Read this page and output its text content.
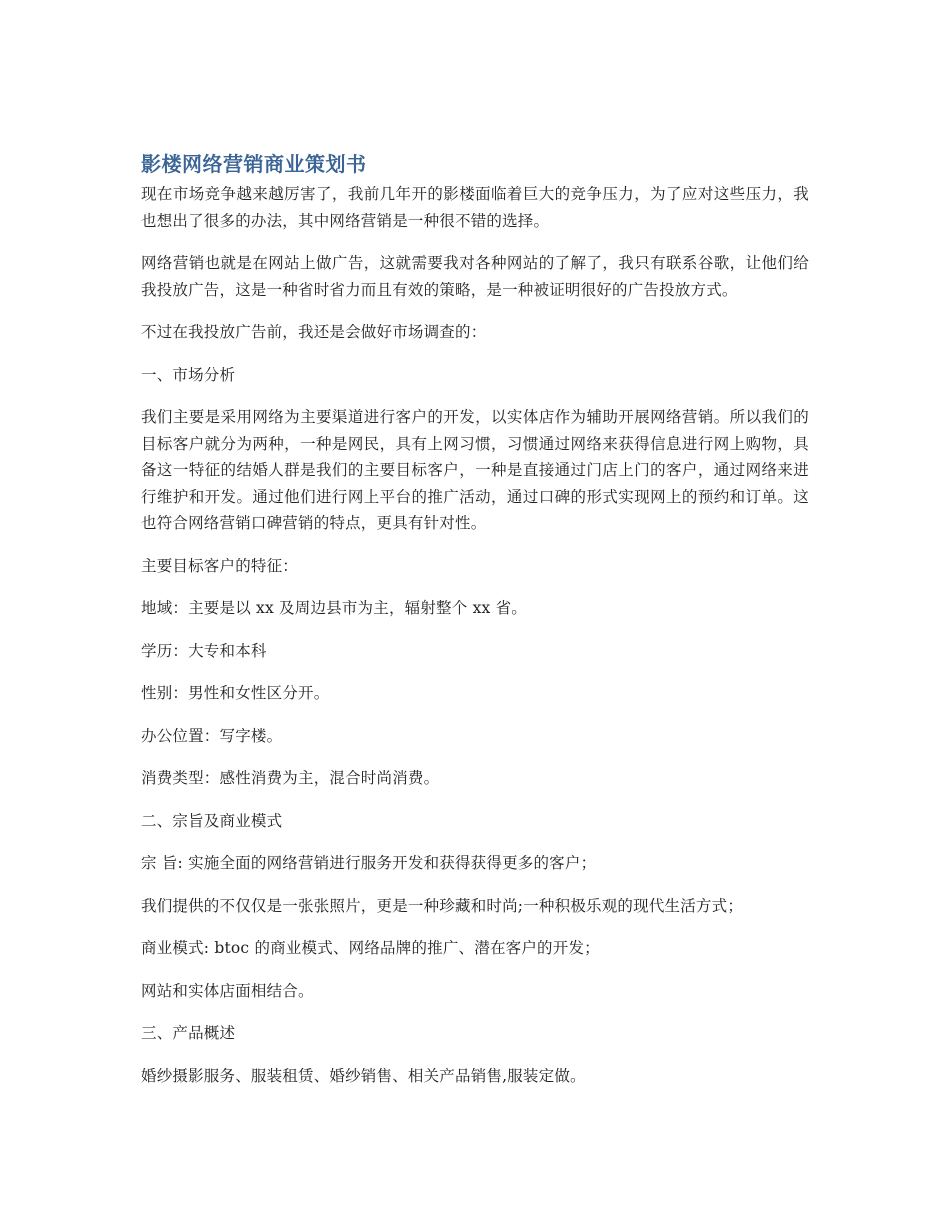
影楼网络营销商业策划书

现在市场竞争越来越厉害了，我前几年开的影楼面临着巨大的竞争压力，为了应对这些压力，我也想出了很多的办法，其中网络营销是一种很不错的选择。

网络营销也就是在网站上做广告，这就需要我对各种网站的了解了，我只有联系谷歌，让他们给我投放广告，这是一种省时省力而且有效的策略，是一种被证明很好的广告投放方式。

不过在我投放广告前，我还是会做好市场调查的：

一、市场分析

我们主要是采用网络为主要渠道进行客户的开发，以实体店作为辅助开展网络营销。所以我们的目标客户就分为两种，一种是网民，具有上网习惯，习惯通过网络来获得信息进行网上购物，具备这一特征的结婚人群是我们的主要目标客户，一种是直接通过门店上门的客户，通过网络来进行维护和开发。通过他们进行网上平台的推广活动，通过口碑的形式实现网上的预约和订单。这也符合网络营销口碑营销的特点，更具有针对性。

主要目标客户的特征：

地域：主要是以 xx 及周边县市为主，辐射整个 xx 省。

学历：大专和本科

性别：男性和女性区分开。

办公位置：写字楼。

消费类型：感性消费为主，混合时尚消费。

二、宗旨及商业模式

宗 旨: 实施全面的网络营销进行服务开发和获得获得更多的客户；

我们提供的不仅仅是一张张照片，更是一种珍藏和时尚;一种积极乐观的现代生活方式；

商业模式: btoc 的商业模式、网络品牌的推广、潜在客户的开发；

网站和实体店面相结合。

三、产品概述

婚纱摄影服务、服装租赁、婚纱销售、相关产品销售,服装定做。
